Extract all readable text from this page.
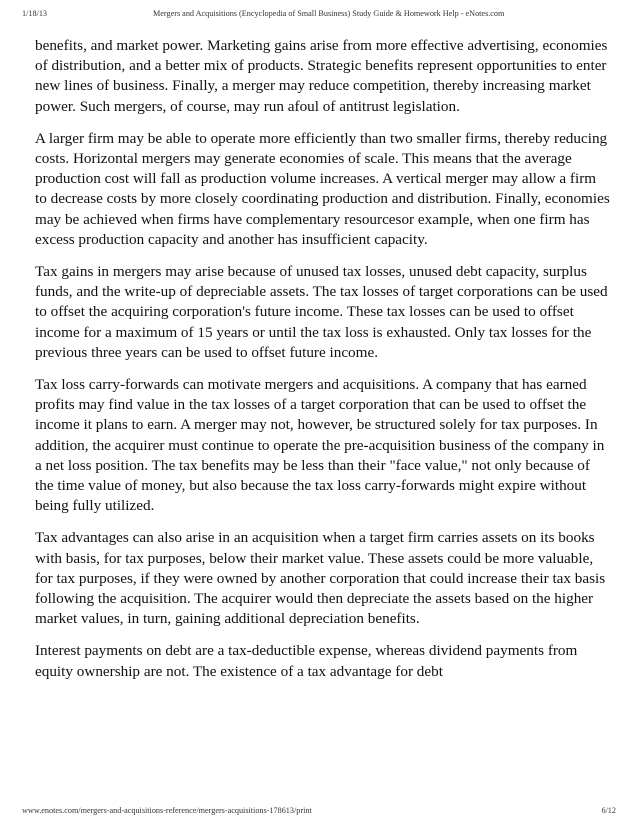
1/18/13	Mergers and Acquisitions (Encyclopedia of Small Business) Study Guide & Homework Help - eNotes.com

benefits, and market power. Marketing gains arise from more effective advertising, economies of distribution, and a better mix of products. Strategic benefits represent opportunities to enter new lines of business. Finally, a merger may reduce competition, thereby increasing market power. Such mergers, of course, may run afoul of antitrust legislation.

A larger firm may be able to operate more efficiently than two smaller firms, thereby reducing costs. Horizontal mergers may generate economies of scale. This means that the average production cost will fall as production volume increases. A vertical merger may allow a firm to decrease costs by more closely coordinating production and distribution. Finally, economies may be achieved when firms have complementary resourcesor example, when one firm has excess production capacity and another has insufficient capacity.

Tax gains in mergers may arise because of unused tax losses, unused debt capacity, surplus funds, and the write-up of depreciable assets. The tax losses of target corporations can be used to offset the acquiring corporation's future income. These tax losses can be used to offset income for a maximum of 15 years or until the tax loss is exhausted. Only tax losses for the previous three years can be used to offset future income.

Tax loss carry-forwards can motivate mergers and acquisitions. A company that has earned profits may find value in the tax losses of a target corporation that can be used to offset the income it plans to earn. A merger may not, however, be structured solely for tax purposes. In addition, the acquirer must continue to operate the pre-acquisition business of the company in a net loss position. The tax benefits may be less than their "face value," not only because of the time value of money, but also because the tax loss carry-forwards might expire without being fully utilized.

Tax advantages can also arise in an acquisition when a target firm carries assets on its books with basis, for tax purposes, below their market value. These assets could be more valuable, for tax purposes, if they were owned by another corporation that could increase their tax basis following the acquisition. The acquirer would then depreciate the assets based on the higher market values, in turn, gaining additional depreciation benefits.

Interest payments on debt are a tax-deductible expense, whereas dividend payments from equity ownership are not. The existence of a tax advantage for debt

www.enotes.com/mergers-and-acquisitions-reference/mergers-acquisitions-178613/print	6/12
